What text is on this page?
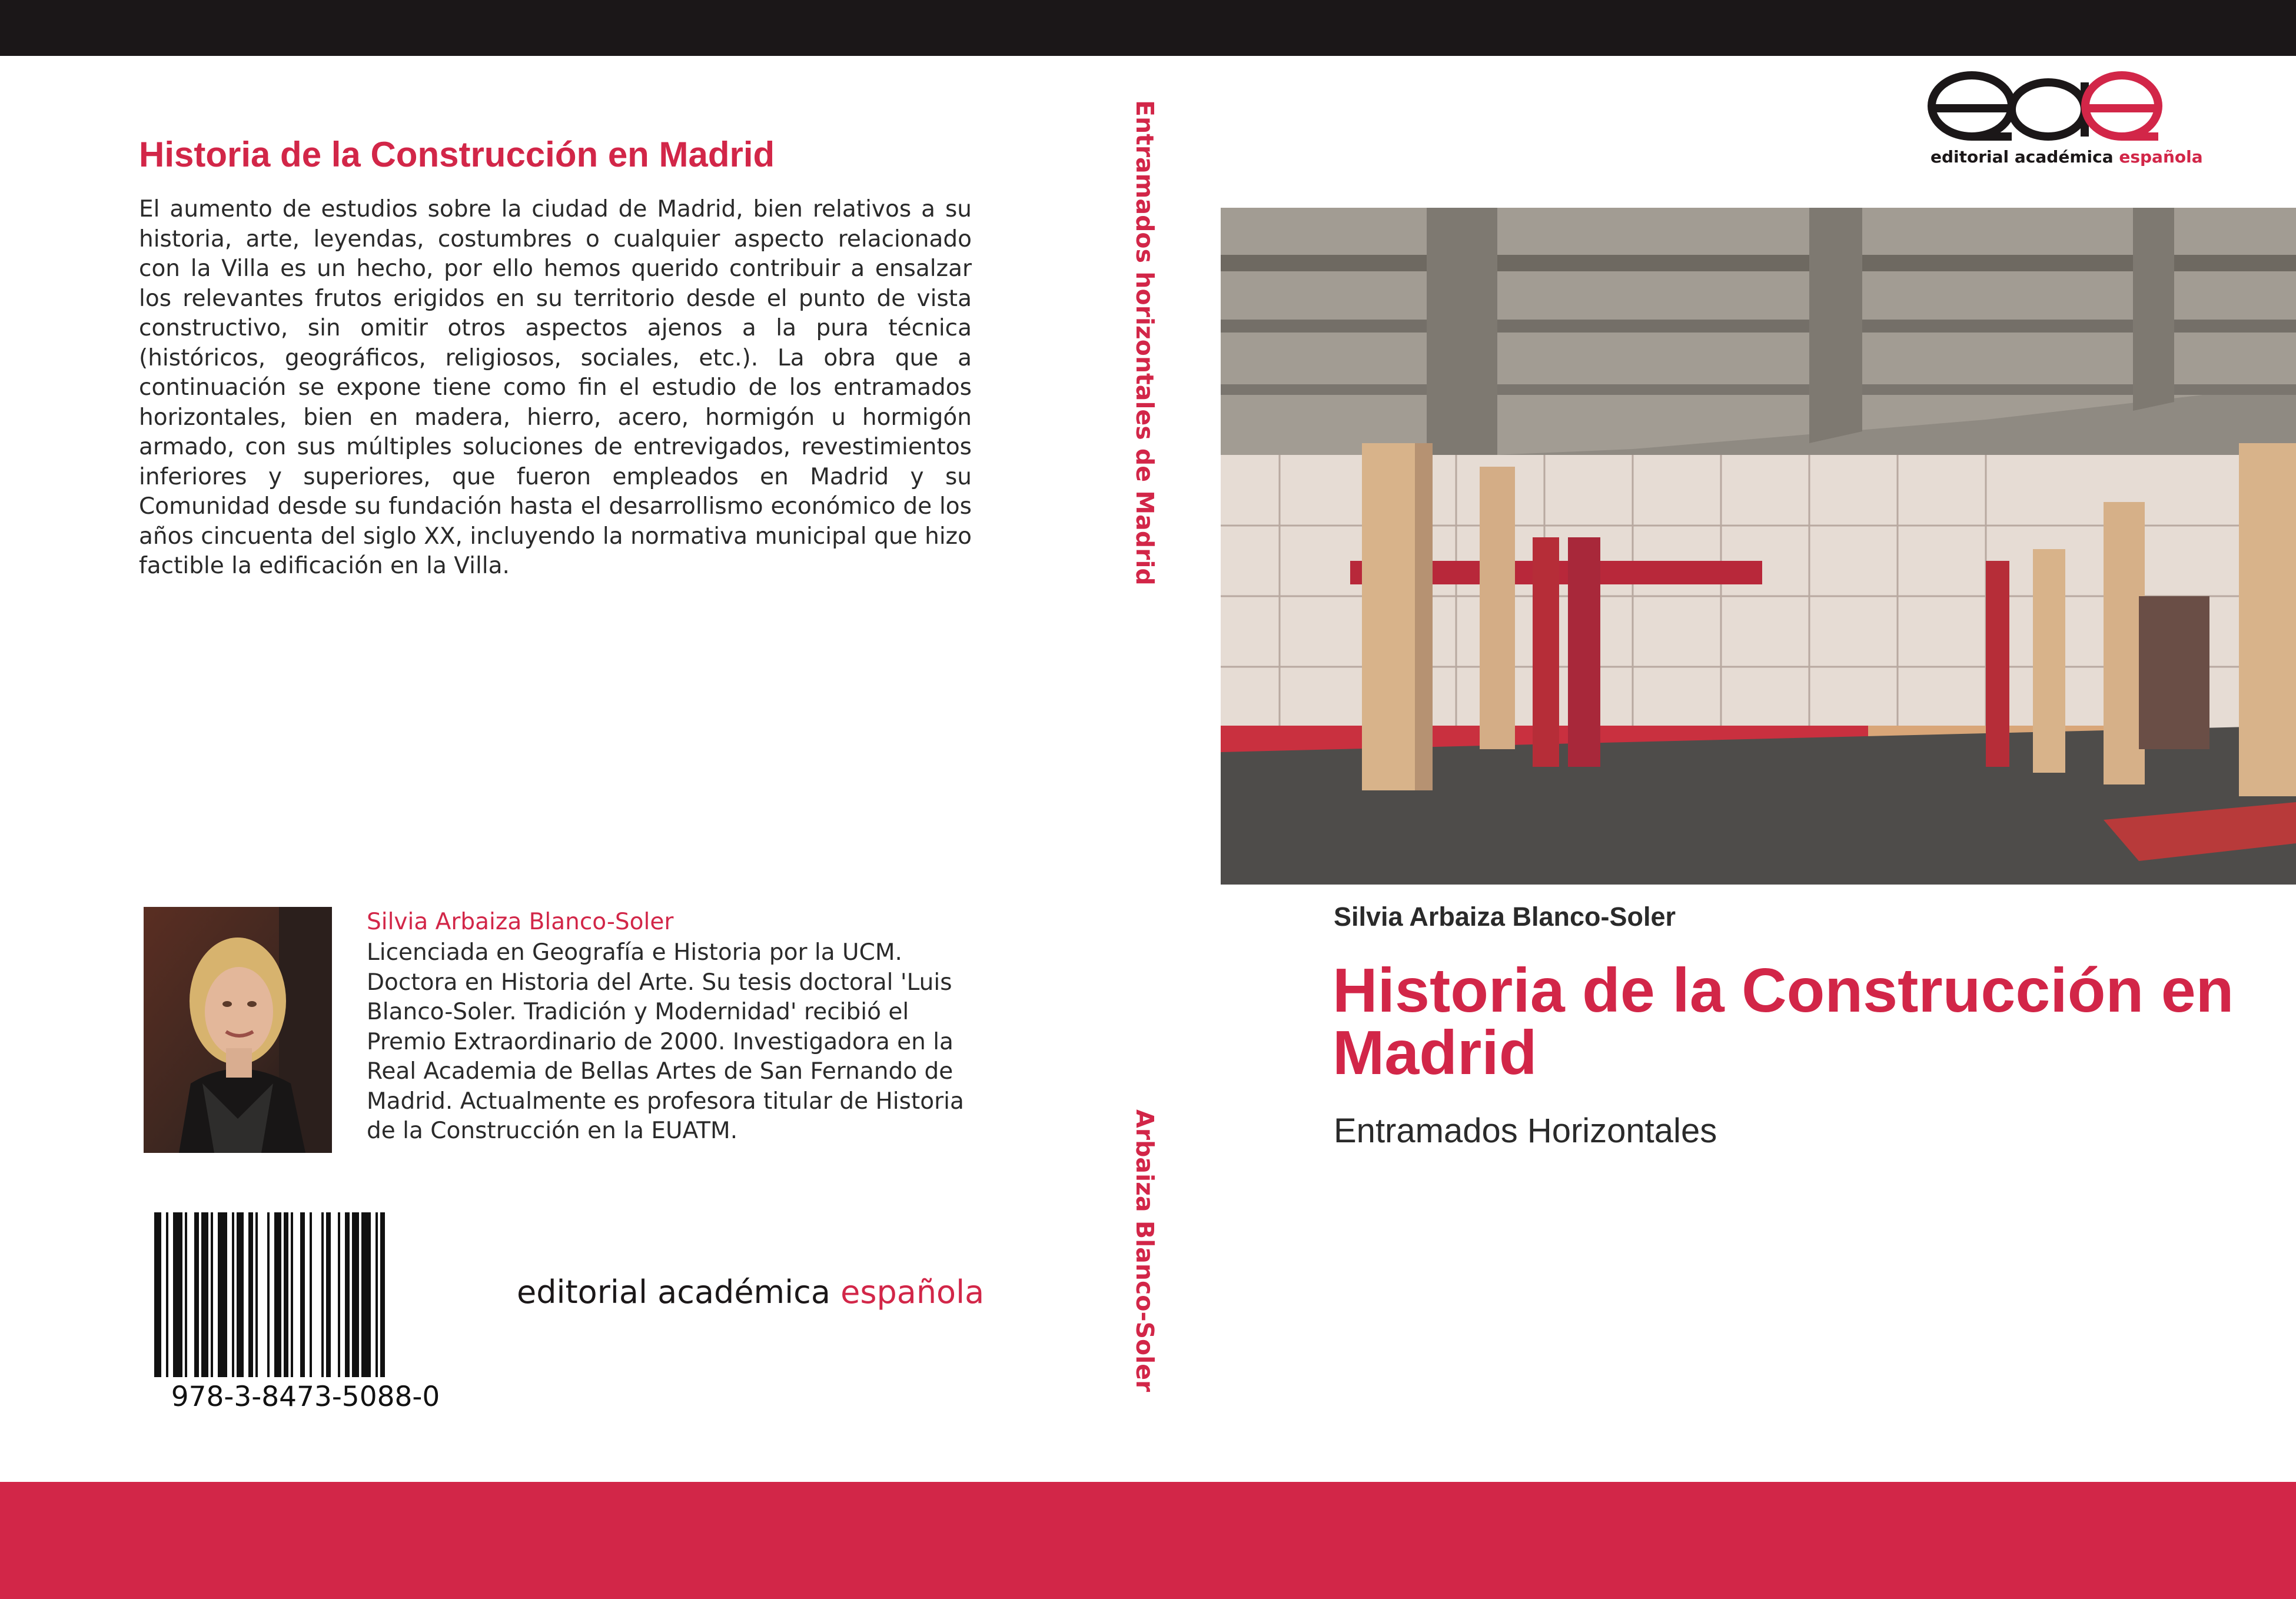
Historia de la Construcción en Madrid

El aumento de estudios sobre la ciudad de Madrid, bien relativos a su historia, arte, leyendas, costumbres o cualquier aspecto relacionado con la Villa es un hecho, por ello hemos querido contribuir a ensalzar los relevantes frutos erigidos en su territorio desde el punto de vista constructivo, sin omitir otros aspectos ajenos a la pura técnica (históricos, geográficos, religiosos, sociales, etc.). La obra que a continuación se expone tiene como fin el estudio de los entramados horizontales, bien en madera, hierro, acero, hormigón u hormigón armado, con sus múltiples soluciones de entrevigados, revestimientos inferiores y superiores, que fueron empleados en Madrid y su Comunidad desde su fundación hasta el desarrollismo económico de los años cincuenta del siglo XX, incluyendo la normativa municipal que hizo factible la edificación en la Villa.

Silvia Arbaiza Blanco-Soler

Licenciada en Geografía e Historia por la UCM. Doctora en Historia del Arte. Su tesis doctoral 'Luis Blanco-Soler. Tradición y Modernidad' recibió el Premio Extraordinario de 2000. Investigadora en la Real Academia de Bellas Artes de San Fernando de Madrid. Actualmente es profesora titular de Historia de la Construcción en la EUATM.

978-3-8473-5088-0
editorial académica española
Entramados horizontales de Madrid
Arbaiza Blanco-Soler
editorial académica española
Silvia Arbaiza Blanco-Soler
Historia de la Construcción en Madrid
Entramados Horizontales
